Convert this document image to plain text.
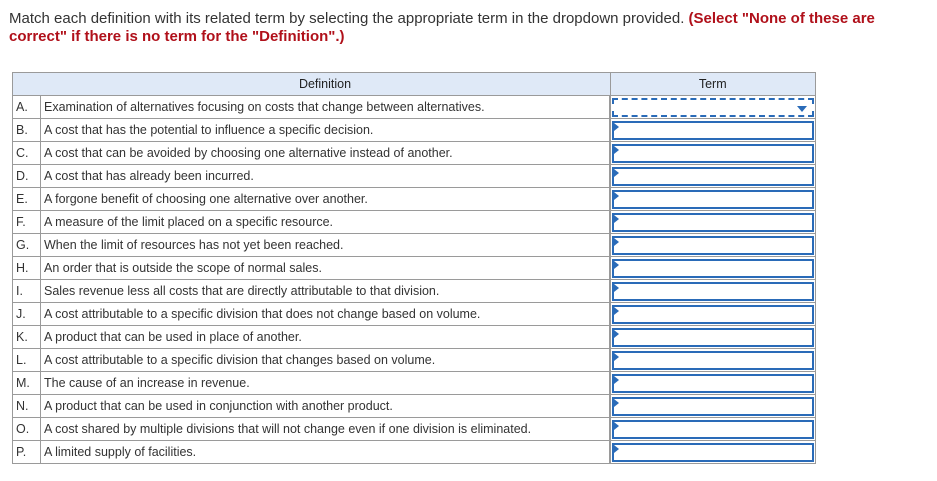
Match each definition with its related term by selecting the appropriate term in the dropdown provided. (Select "None of these are correct" if there is no term for the "Definition".)
	Definition	Term
A.	Examination of alternatives focusing on costs that change between alternatives.	

B.	A cost that has the potential to influence a specific decision.	

C.	A cost that can be avoided by choosing one alternative instead of another.	

D.	A cost that has already been incurred.	

E.	A forgone benefit of choosing one alternative over another.	

F.	A measure of the limit placed on a specific resource.	

G.	When the limit of resources has not yet been reached.	

H.	An order that is outside the scope of normal sales.	

I.	Sales revenue less all costs that are directly attributable to that division.	

J.	A cost attributable to a specific division that does not change based on volume.	

K.	A product that can be used in place of another.	

L.	A cost attributable to a specific division that changes based on volume.	

M.	The cause of an increase in revenue.	

N.	A product that can be used in conjunction with another product.	

O.	A cost shared by multiple divisions that will not change even if one division is eliminated.	

P.	A limited supply of facilities.	
